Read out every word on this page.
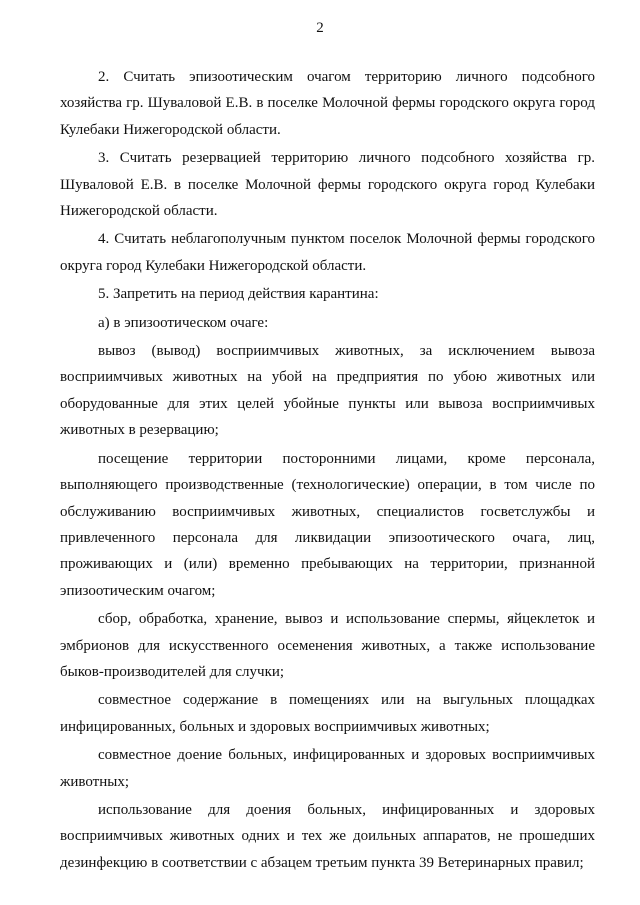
2

2. Считать эпизоотическим очагом территорию личного подсобного хозяйства гр. Шуваловой Е.В. в поселке Молочной фермы городского округа город Кулебаки Нижегородской области.

3. Считать резервацией территорию личного подсобного хозяйства гр. Шуваловой Е.В. в поселке Молочной фермы городского округа город Кулебаки Нижегородской области.

4. Считать неблагополучным пунктом поселок Молочной фермы городского округа город Кулебаки Нижегородской области.

5. Запретить на период действия карантина:

а) в эпизоотическом очаге:

вывоз (вывод) восприимчивых животных, за исключением вывоза восприимчивых животных на убой на предприятия по убою животных или оборудованные для этих целей убойные пункты или вывоза восприимчивых животных в резервацию;

посещение территории посторонними лицами, кроме персонала, выполняющего производственные (технологические) операции, в том числе по обслуживанию восприимчивых животных, специалистов госветслужбы и привлеченного персонала для ликвидации эпизоотического очага, лиц, проживающих и (или) временно пребывающих на территории, признанной эпизоотическим очагом;

сбор, обработка, хранение, вывоз и использование спермы, яйцеклеток и эмбрионов для искусственного осеменения животных, а также использование быков-производителей для случки;

совместное содержание в помещениях или на выгульных площадках инфицированных, больных и здоровых восприимчивых животных;

совместное доение больных, инфицированных и здоровых восприимчивых животных;

использование для доения больных, инфицированных и здоровых восприимчивых животных одних и тех же доильных аппаратов, не прошедших дезинфекцию в соответствии с абзацем третьим пункта 39 Ветеринарных правил;
